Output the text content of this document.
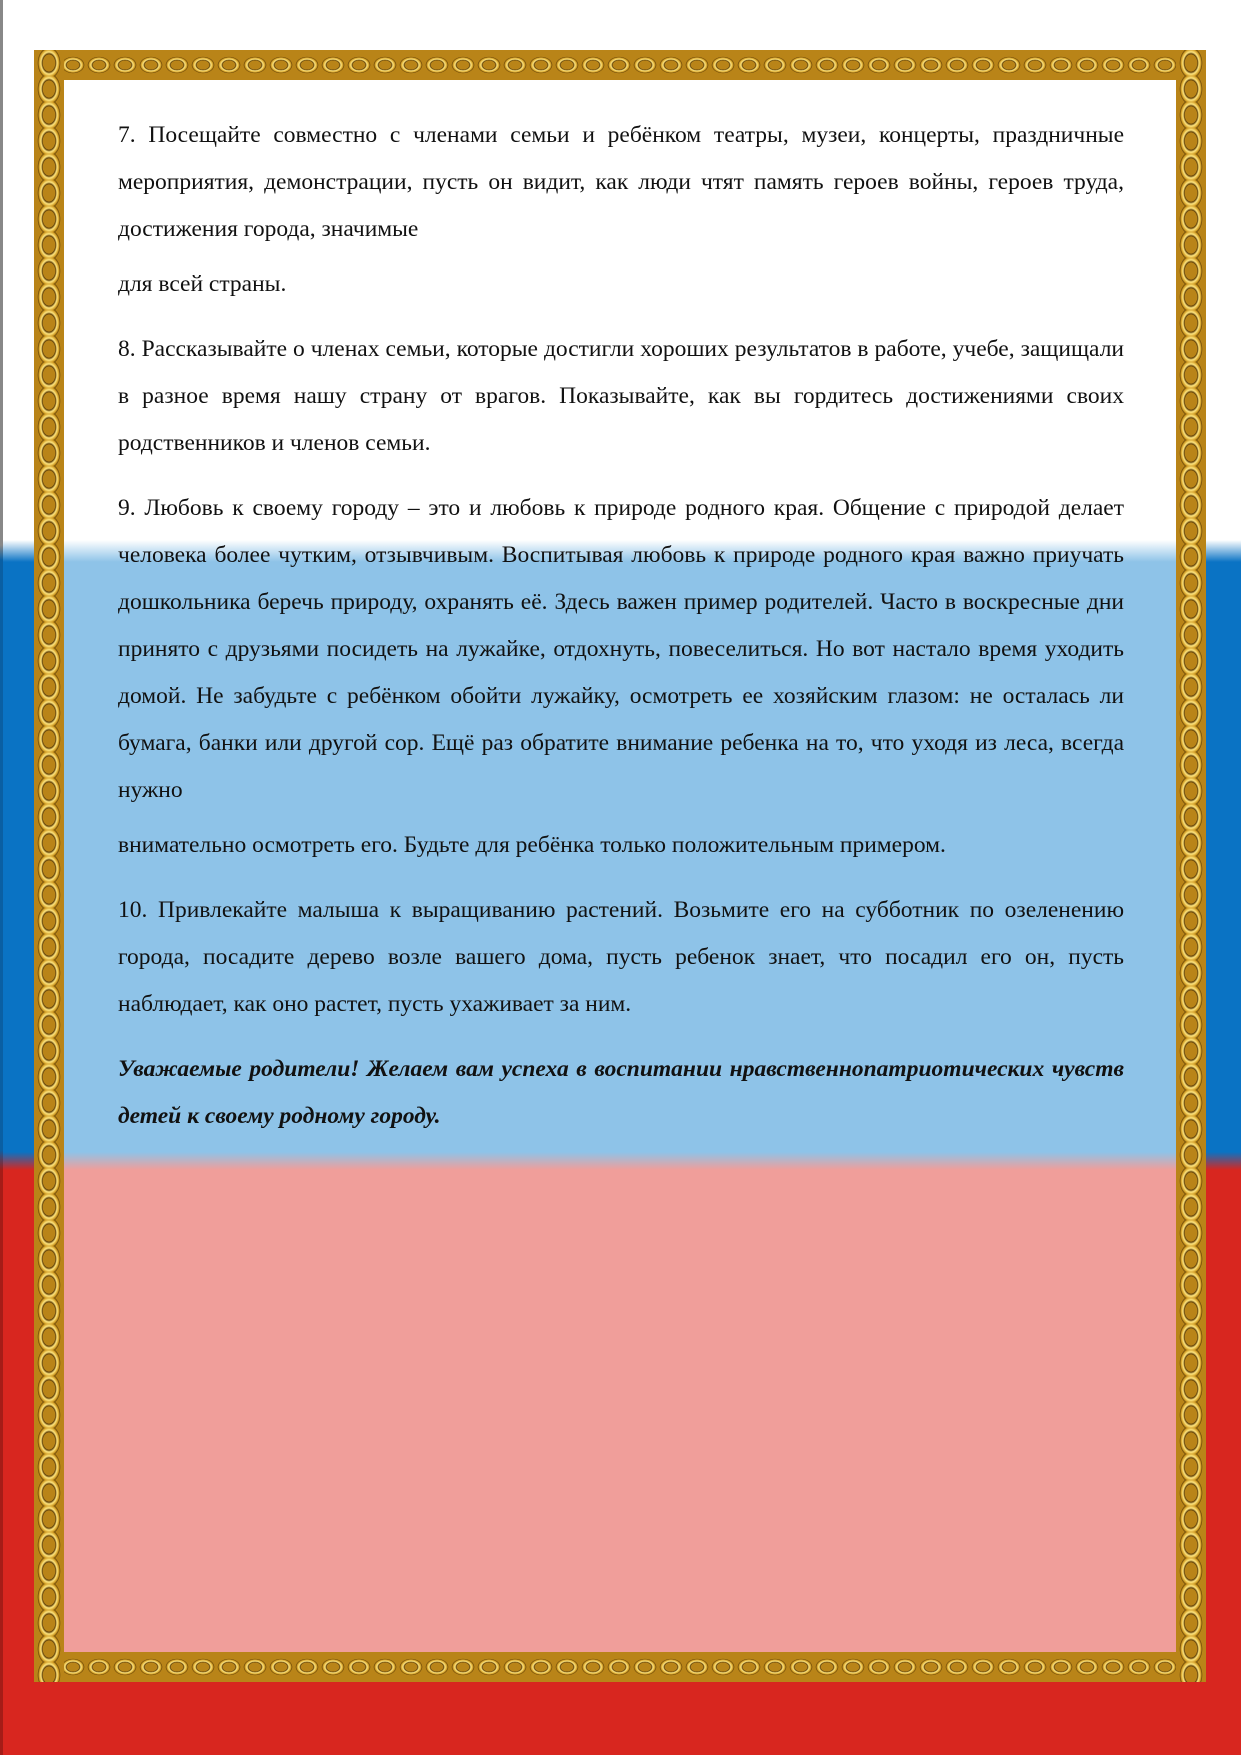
7. Посещайте совместно с членами семьи и ребёнком театры, музеи, концерты, праздничные мероприятия, демонстрации, пусть он видит, как люди чтят память героев войны, героев труда, достижения города, значимые

для всей страны.

8. Рассказывайте о членах семьи, которые достигли хороших результатов в работе, учебе, защищали в разное время нашу страну от врагов. Показывайте, как вы гордитесь достижениями своих родственников и членов семьи.

9. Любовь к своему городу – это и любовь к природе родного края. Общение с природой делает человека более чутким, отзывчивым. Воспитывая любовь к природе родного края важно приучать дошкольника беречь природу, охранять её. Здесь важен пример родителей. Часто в воскресные дни принято с друзьями посидеть на лужайке, отдохнуть, повеселиться. Но вот настало время уходить домой. Не забудьте с ребёнком обойти лужайку, осмотреть ее хозяйским глазом: не осталась ли бумага, банки или другой сор. Ещё раз обратите внимание ребенка на то, что уходя из леса, всегда нужно

внимательно осмотреть его. Будьте для ребёнка только положительным примером.

10. Привлекайте малыша к выращиванию растений. Возьмите его на субботник по озеленению города, посадите дерево возле вашего дома, пусть ребенок знает, что посадил его он, пусть наблюдает, как оно растет, пусть ухаживает за ним.

Уважаемые родители! Желаем вам успеха в воспитании нравственнопатриотических чувств детей к своему родному городу.
